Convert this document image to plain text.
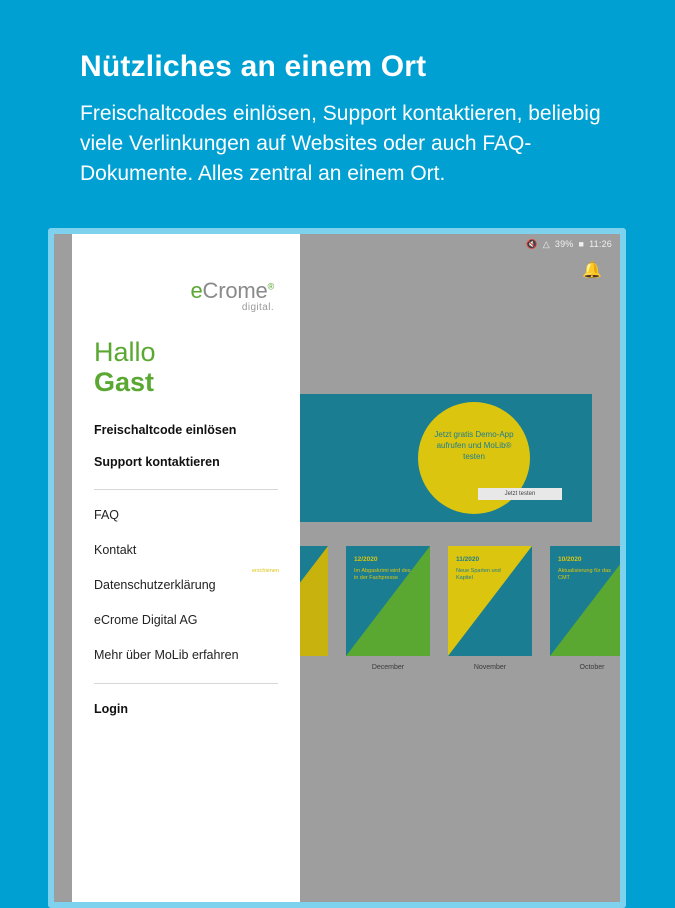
Nützliches an einem Ort

Freischaltcodes einlösen, Support kontaktieren, beliebig viele Verlinkungen auf Websites oder auch FAQ-Dokumente. Alles zentral an einem Ort.

Jetzt gratis Demo-App aufrufen und MoLib® testen
Jetzt testen
erschienen
12/2020
Im Abgaskrimi wird des in der Fachpresse
December
11/2020
Neue Sparten und Kapitel
November
10/2020
Aktualisierung für das CMT
October
🔇 △ 39% ■ 11:26
🔔
eCrome®
digital.
Hallo
Gast
Freischaltcode einlösen
Support kontaktieren
FAQ
Kontakt
Datenschutzerklärung
eCrome Digital AG
Mehr über MoLib erfahren
Login
